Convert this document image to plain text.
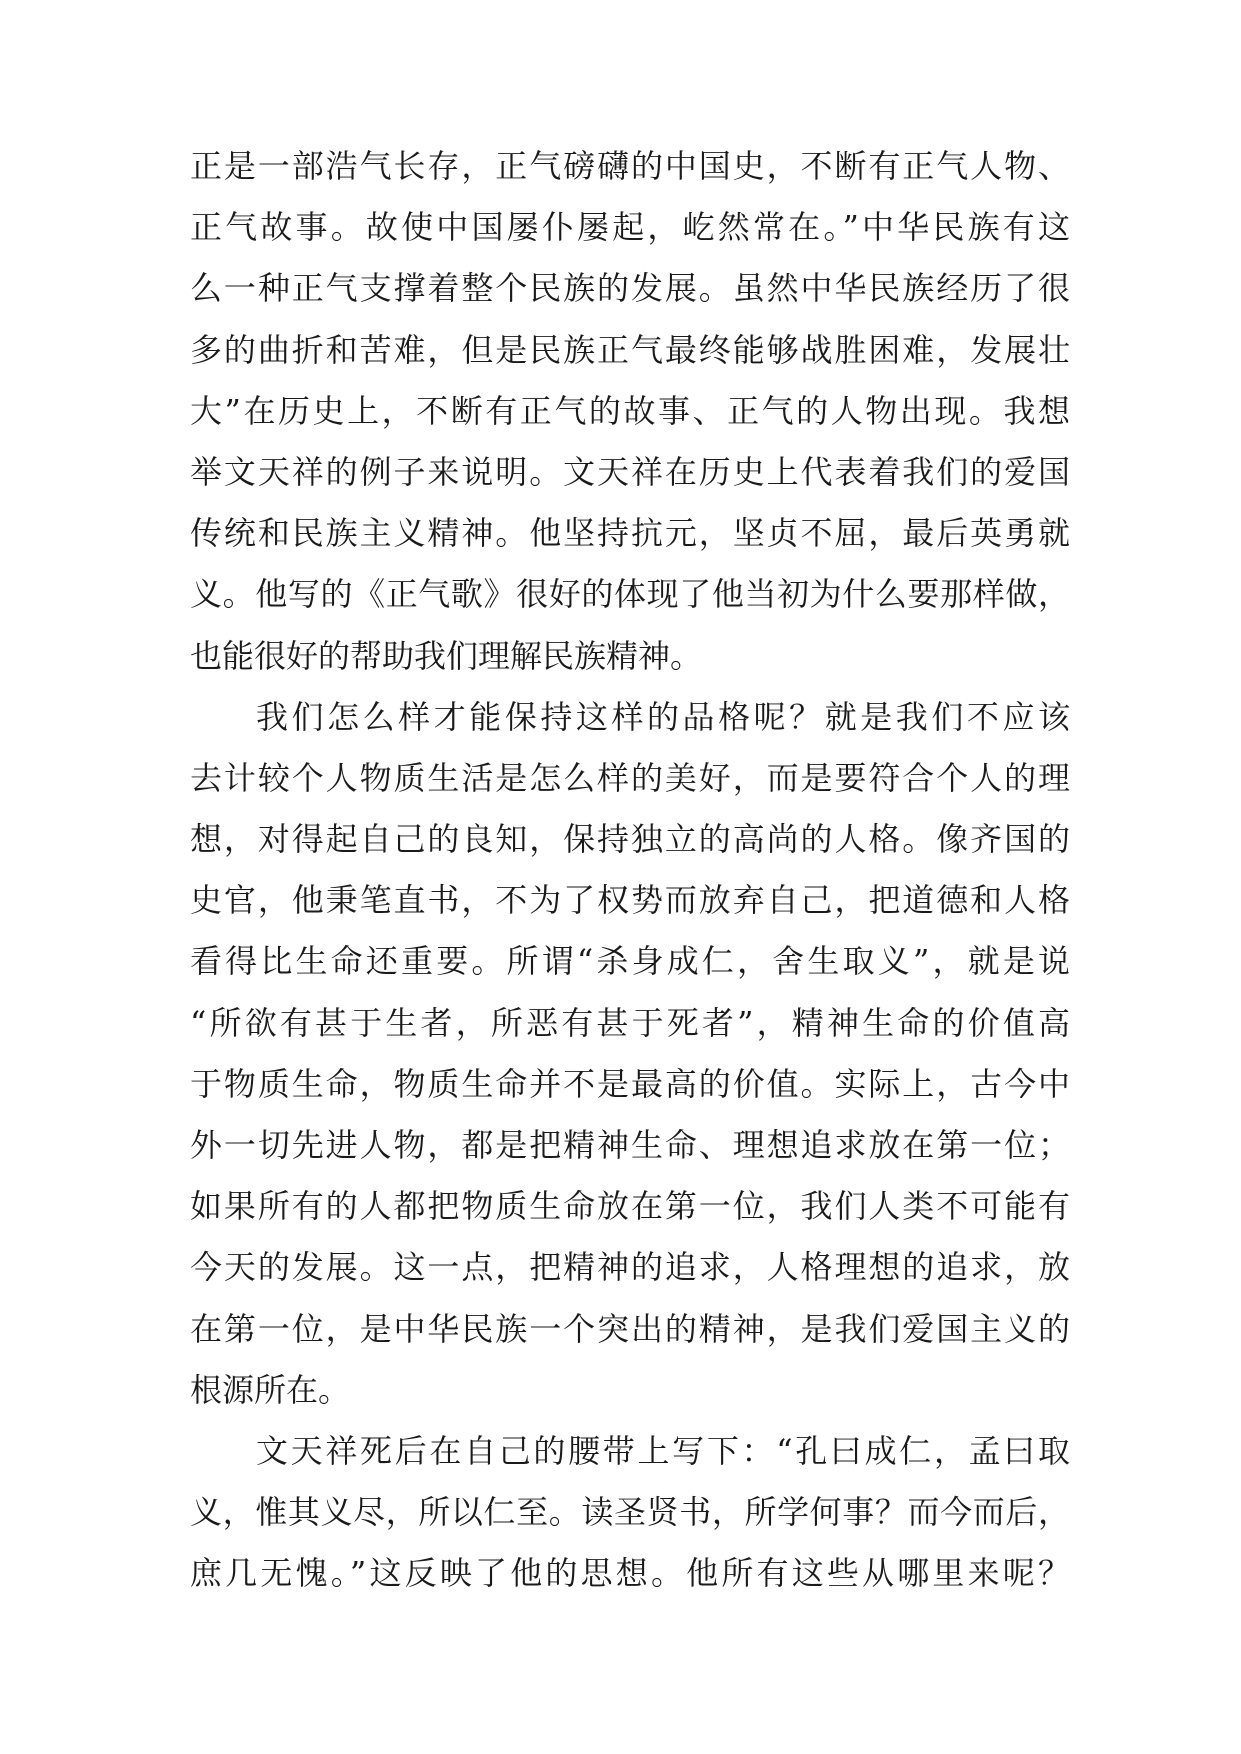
正是一部浩气长存，正气磅礴的中国史，不断有正气人物、
正气故事。故使中国屡仆屡起，屹然常在。”中华民族有这
么一种正气支撑着整个民族的发展。虽然中华民族经历了很
多的曲折和苦难，但是民族正气最终能够战胜困难，发展壮
大”在历史上，不断有正气的故事、正气的人物出现。我想
举文天祥的例子来说明。文天祥在历史上代表着我们的爱国
传统和民族主义精神。他坚持抗元，坚贞不屈，最后英勇就
义。他写的《正气歌》很好的体现了他当初为什么要那样做，
也能很好的帮助我们理解民族精神。
我们怎么样才能保持这样的品格呢？就是我们不应该
去计较个人物质生活是怎么样的美好，而是要符合个人的理
想，对得起自己的良知，保持独立的高尚的人格。像齐国的
史官，他秉笔直书，不为了权势而放弃自己，把道德和人格
看得比生命还重要。所谓“杀身成仁，舍生取义”，就是说
“所欲有甚于生者，所恶有甚于死者”，精神生命的价值高
于物质生命，物质生命并不是最高的价值。实际上，古今中
外一切先进人物，都是把精神生命、理想追求放在第一位；
如果所有的人都把物质生命放在第一位，我们人类不可能有
今天的发展。这一点，把精神的追求，人格理想的追求，放
在第一位，是中华民族一个突出的精神，是我们爱国主义的
根源所在。
文天祥死后在自己的腰带上写下：“孔曰成仁，孟曰取
义，惟其义尽，所以仁至。读圣贤书，所学何事？而今而后，
庶几无愧。”这反映了他的思想。他所有这些从哪里来呢？
